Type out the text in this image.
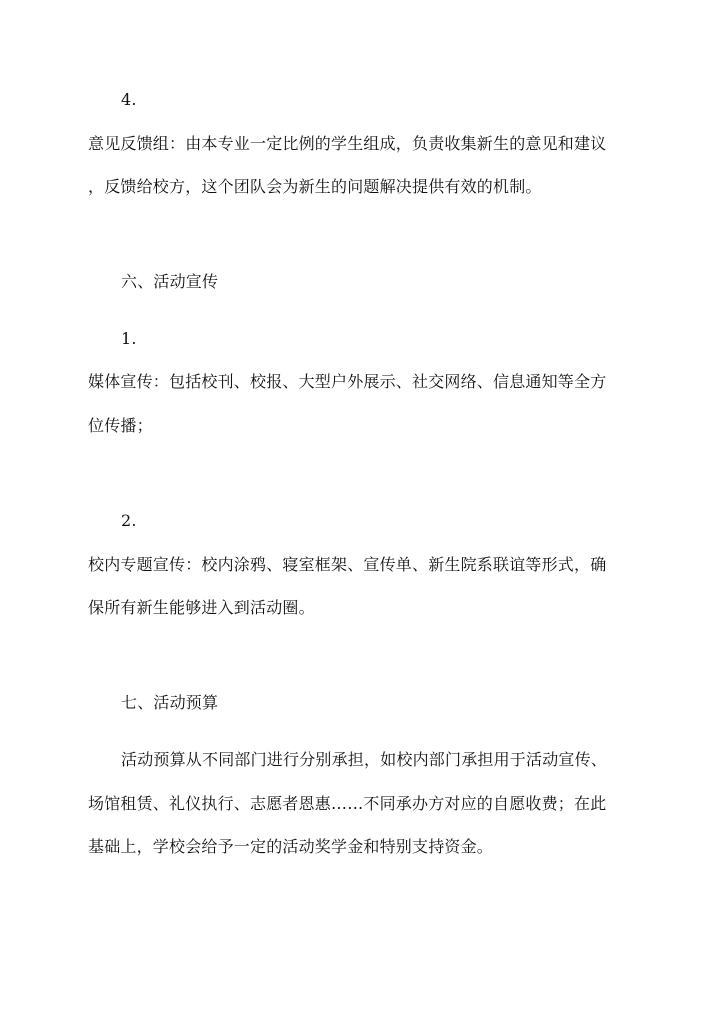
4.
意见反馈组：由本专业一定比例的学生组成，负责收集新生的意见和建议
，反馈给校方，这个团队会为新生的问题解决提供有效的机制。
六、活动宣传
1.
媒体宣传：包括校刊、校报、大型户外展示、社交网络、信息通知等全方
位传播；
2.
校内专题宣传：校内涂鸦、寝室框架、宣传单、新生院系联谊等形式，确
保所有新生能够进入到活动圈。
七、活动预算
活动预算从不同部门进行分别承担，如校内部门承担用于活动宣传、
场馆租赁、礼仪执行、志愿者恩惠……不同承办方对应的自愿收费；在此
基础上，学校会给予一定的活动奖学金和特别支持资金。
